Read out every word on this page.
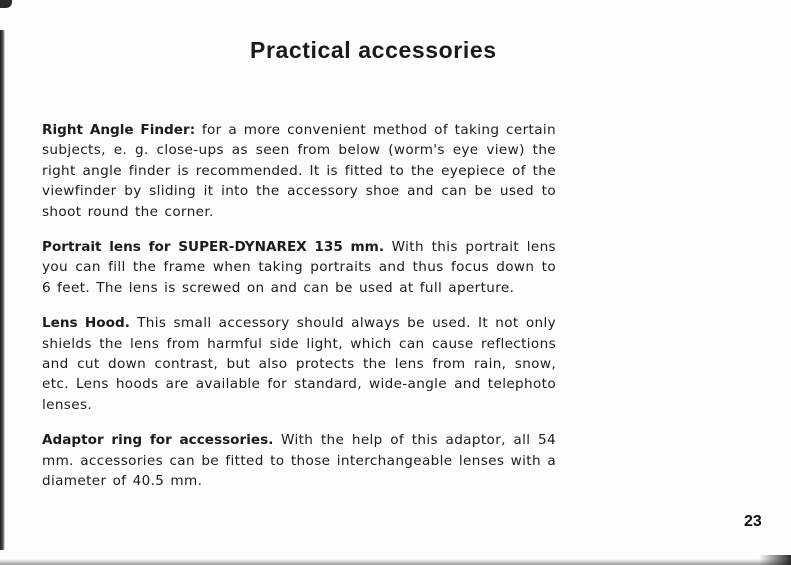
Practical accessories

Right Angle Finder: for a more convenient method of taking certain subjects, e. g. close-ups as seen from below (worm's eye view) the right angle finder is recommended. It is fitted to the eyepiece of the viewfinder by sliding it into the accessory shoe and can be used to shoot round the corner.

Portrait lens for SUPER-DYNAREX 135 mm. With this portrait lens you can fill the frame when taking portraits and thus focus down to 6 feet. The lens is screwed on and can be used at full aperture.

Lens Hood. This small accessory should always be used. It not only shields the lens from harmful side light, which can cause reflections and cut down contrast, but also protects the lens from rain, snow, etc. Lens hoods are available for standard, wide-angle and telephoto lenses.

Adaptor ring for accessories. With the help of this adaptor, all 54 mm. accessories can be fitted to those interchangeable lenses with a diameter of 40.5 mm.

23
